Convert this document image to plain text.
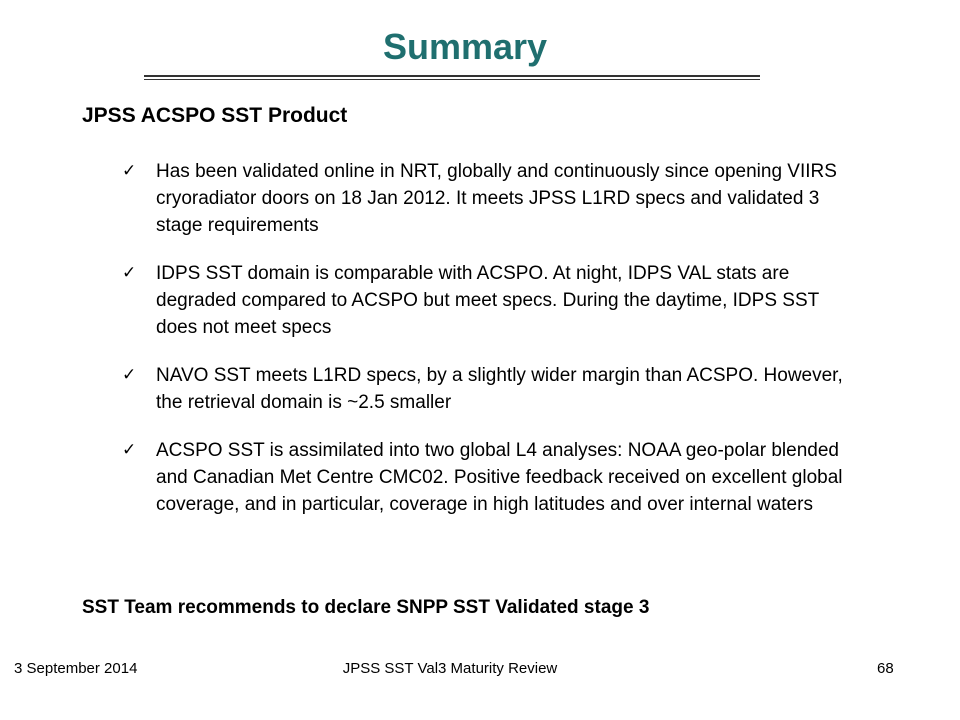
Summary
JPSS ACSPO SST Product
✓ Has been validated online in NRT, globally and continuously since opening VIIRS cryoradiator doors on 18 Jan 2012. It meets JPSS L1RD specs and validated 3 stage requirements
✓ IDPS SST domain is comparable with ACSPO. At night, IDPS VAL stats are degraded compared to ACSPO but meet specs. During the daytime, IDPS SST does not meet specs
✓ NAVO SST meets L1RD specs, by a slightly wider margin than ACSPO. However, the retrieval domain is ~2.5 smaller
✓ ACSPO SST is assimilated into two global L4 analyses: NOAA geo-polar blended and Canadian Met Centre CMC02. Positive feedback received on excellent global coverage, and in particular, coverage in high latitudes and over internal waters

SST Team recommends to declare SNPP SST Validated stage 3

3 September 2014	JPSS SST Val3 Maturity Review	68
